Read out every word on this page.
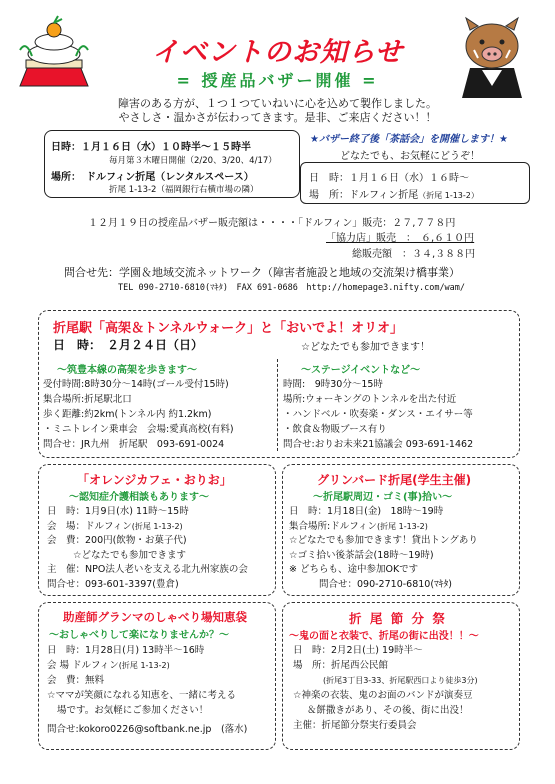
イベントのお知らせ
= 授産品バザー開催 =
障害のある方が、１つ１つていねいに心を込めて製作しました。
やさしさ・温かさが伝わってきます。是非、ご来店ください！！
日時：１月１６日（水）１０時半〜１５時半
毎月第３木曜日開催（2/20、3/20、4/17）
場所：　ドルフィン折尾（レンタルスペース）
折尾 1-13-2（福岡銀行右横市場の隣）
★バザー終了後「茶話会」を開催します！★
どなたでも、お気軽にどうぞ！
日　時：１月１６日（水）１６時〜
場　所：ドルフィン折尾（折尾 1-13-2）
１２月１９日の授産品バザー販売額は・・・・「ドルフィン」販売：２７,７７８円
「協力店」販売　：　６,６１０円
総販売額　：３４,３８８円
問合せ先：学園＆地域交流ネットワーク（障害者施設と地域の交流架け橋事業）
TEL 090-2710-6810(ﾏｷﾀ)　FAX 691-0686　http://homepage3.nifty.com/wam/
折尾駅「高架＆トンネルウォーク」と「おいでよ！オリオ」
日　時：　２月２４日（日）	☆どなたでも参加できます！
〜筑豊本線の高架を歩きます〜
受付時間:8時30分〜14時(ゴール受付15時)
集合場所:折尾駅北口
歩く距離:約2km(トンネル内 約1.2km)
・ミニトレイン乗車会　会場:愛真高校(有料)
問合せ：JR九州　折尾駅　093-691-0024
〜ステージイベントなど〜
時間:　9時30分〜15時
場所:ウォーキングのトンネルを出た付近
・ハンドベル・吹奏楽・ダンス・エイサー等
・飲食＆物販ブース有り
問合せ:おりお未来21協議会 093-691-1462
「オレンジカフェ・おりお」
〜認知症介護相談もあります〜
日　時：1月9日(水) 11時〜15時
会　場：ドルフィン(折尾 1-13-2)
会　費：200円(飲物・お菓子代)
☆どなたでも参加できます
主　催：NPO法人老いを支える北九州家族の会
問合せ：093-601-3397(豊倉)
グリンバード折尾(学生主催)
〜折尾駅周辺・ゴミ(事)拾い〜
日　時：1月18日(金)　18時〜19時
集合場所:ドルフィン(折尾 1-13-2)
☆どなたでも参加できます！貸出トングあり
☆ゴミ拾い後茶話会(18時〜19時)
※ どちらも、途中参加OKです
問合せ：090-2710-6810(ﾏｷﾀ)
助産師グランマのしゃべり場知恵袋
〜おしゃべりして楽になりませんか？〜
日　時：1月28日(月) 13時半〜16時
会 場 ドルフィン(折尾 1-13-2)
会　費：無料
☆ママが笑顔になれる知恵を、一緒に考える
場です。お気軽にご参加ください！
問合せ:kokoro0226@softbank.ne.jp　(落水)
折 尾 節 分 祭
〜鬼の面と衣装で、折尾の街に出没！！〜
日　時：2月2日(土) 19時半〜
場　所：折尾西公民館
(折尾3丁目3-33、折尾駅西口より徒歩3分)
☆神楽の衣装、鬼のお面のバンドが演奏豆
＆餅撒きがあり、その後、街に出没！
主催：折尾節分祭実行委員会
